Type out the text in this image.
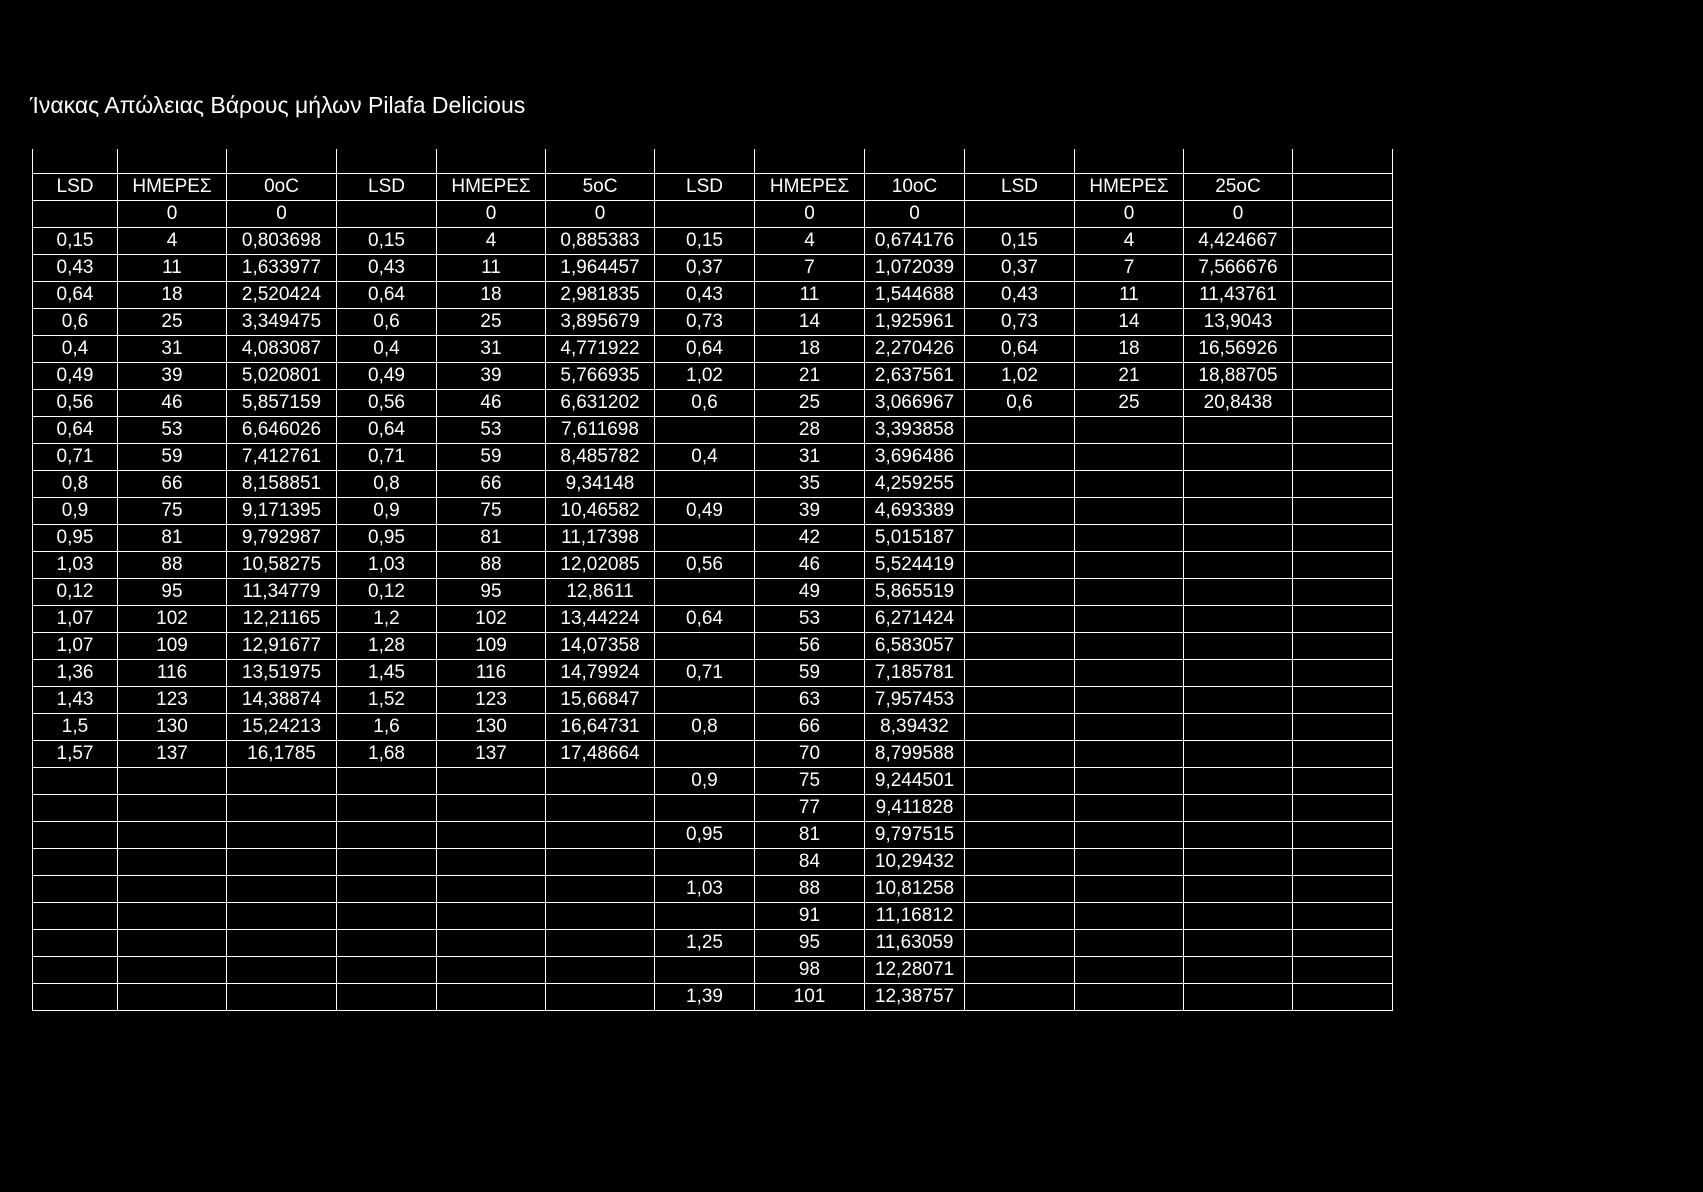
Ίνακας Απώλειας Βάρους μήλων Pilafa Delicious

LSD	ΗΜΕΡΕΣ	0oC	LSD	ΗΜΕΡΕΣ	5oC	LSD	ΗΜΕΡΕΣ	10oC	LSD	ΗΜΕΡΕΣ	25oC	
	0	0		0	0		0	0		0	0	
0,15	4	0,803698	0,15	4	0,885383	0,15	4	0,674176	0,15	4	4,424667	
0,43	11	1,633977	0,43	11	1,964457	0,37	7	1,072039	0,37	7	7,566676	
0,64	18	2,520424	0,64	18	2,981835	0,43	11	1,544688	0,43	11	11,43761	
0,6	25	3,349475	0,6	25	3,895679	0,73	14	1,925961	0,73	14	13,9043	
0,4	31	4,083087	0,4	31	4,771922	0,64	18	2,270426	0,64	18	16,56926	
0,49	39	5,020801	0,49	39	5,766935	1,02	21	2,637561	1,02	21	18,88705	
0,56	46	5,857159	0,56	46	6,631202	0,6	25	3,066967	0,6	25	20,8438	
0,64	53	6,646026	0,64	53	7,611698		28	3,393858				
0,71	59	7,412761	0,71	59	8,485782	0,4	31	3,696486				
0,8	66	8,158851	0,8	66	9,34148		35	4,259255				
0,9	75	9,171395	0,9	75	10,46582	0,49	39	4,693389				
0,95	81	9,792987	0,95	81	11,17398		42	5,015187				
1,03	88	10,58275	1,03	88	12,02085	0,56	46	5,524419				
0,12	95	11,34779	0,12	95	12,8611		49	5,865519				
1,07	102	12,21165	1,2	102	13,44224	0,64	53	6,271424				
1,07	109	12,91677	1,28	109	14,07358		56	6,583057				
1,36	116	13,51975	1,45	116	14,79924	0,71	59	7,185781				
1,43	123	14,38874	1,52	123	15,66847		63	7,957453				
1,5	130	15,24213	1,6	130	16,64731	0,8	66	8,39432				
1,57	137	16,1785	1,68	137	17,48664		70	8,799588				
						0,9	75	9,244501				
							77	9,411828				
						0,95	81	9,797515				
							84	10,29432				
						1,03	88	10,81258				
							91	11,16812				
						1,25	95	11,63059				
							98	12,28071				
						1,39	101	12,38757				
